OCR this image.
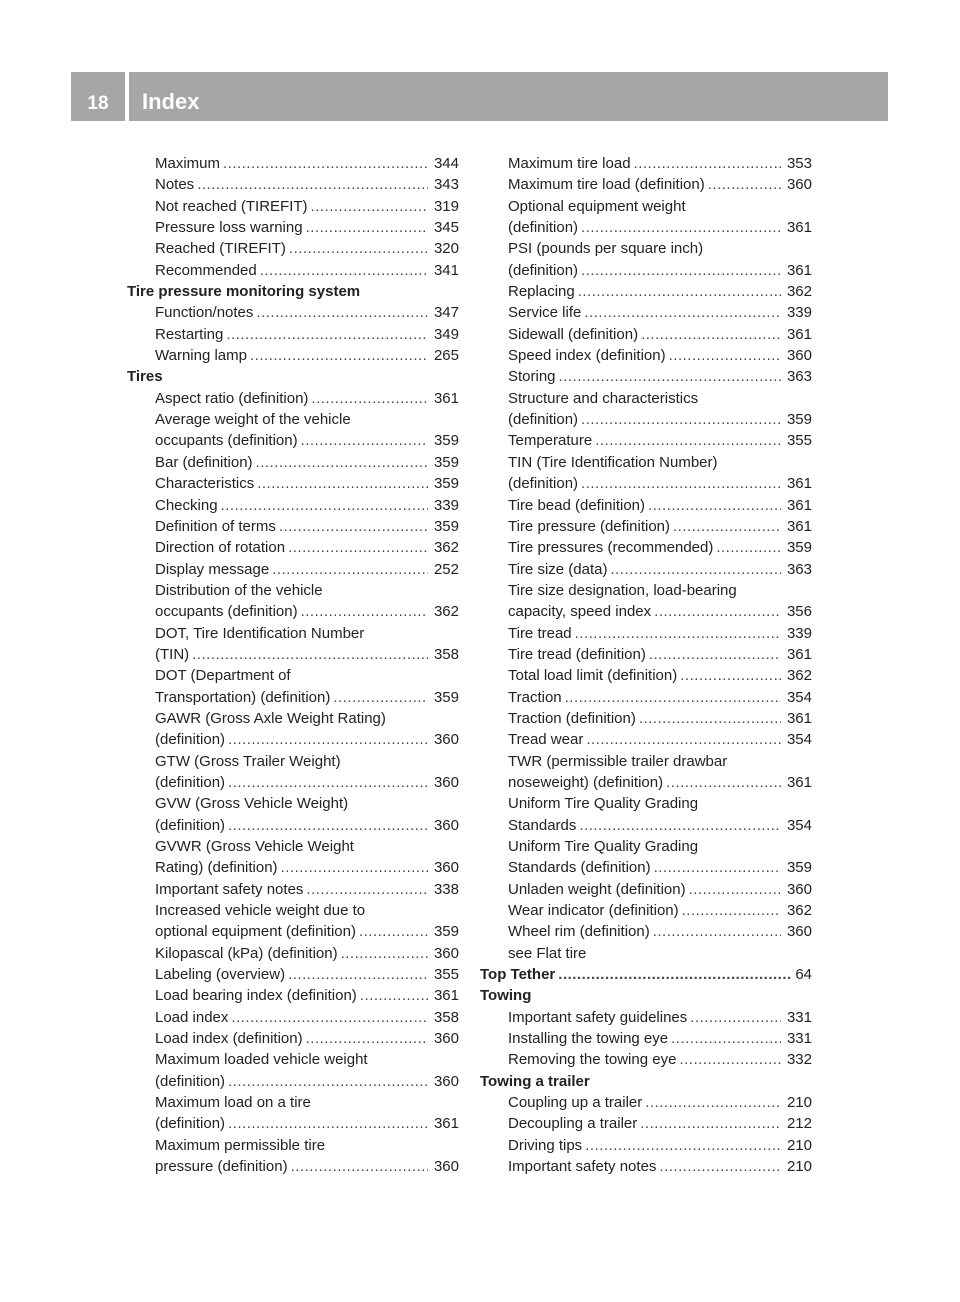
18	Index
Maximum .....	344
Notes .....	343
Not reached (TIREFIT) .....	319
Pressure loss warning .....	345
Reached (TIREFIT) .....	320
Recommended .....	341
Tire pressure monitoring system
Function/notes .....	347
Restarting .....	349
Warning lamp .....	265
Tires
Aspect ratio (definition) .....	361
Average weight of the vehicle
occupants (definition) .....	359
Bar (definition) .....	359
Characteristics .....	359
Checking .....	339
Definition of terms .....	359
Direction of rotation .....	362
Display message .....	252
Distribution of the vehicle
occupants (definition) .....	362
DOT, Tire Identification Number
(TIN) .....	358
DOT (Department of
Transportation) (definition) .....	359
GAWR (Gross Axle Weight Rating)
(definition) .....	360
GTW (Gross Trailer Weight)
(definition) .....	360
GVW (Gross Vehicle Weight)
(definition) .....	360
GVWR (Gross Vehicle Weight
Rating) (definition) .....	360
Important safety notes .....	338
Increased vehicle weight due to
optional equipment (definition) .....	359
Kilopascal (kPa) (definition) .....	360
Labeling (overview) .....	355
Load bearing index (definition) .....	361
Load index .....	358
Load index (definition) .....	360
Maximum loaded vehicle weight
(definition) .....	360
Maximum load on a tire
(definition) .....	361
Maximum permissible tire
pressure (definition) .....	360
Maximum tire load .....	353
Maximum tire load (definition) .....	360
Optional equipment weight
(definition) .....	361
PSI (pounds per square inch)
(definition) .....	361
Replacing .....	362
Service life .....	339
Sidewall (definition) .....	361
Speed index (definition) .....	360
Storing .....	363
Structure and characteristics
(definition) .....	359
Temperature .....	355
TIN (Tire Identification Number)
(definition) .....	361
Tire bead (definition) .....	361
Tire pressure (definition) .....	361
Tire pressures (recommended) .....	359
Tire size (data) .....	363
Tire size designation, load-bearing
capacity, speed index .....	356
Tire tread .....	339
Tire tread (definition) .....	361
Total load limit (definition) .....	362
Traction .....	354
Traction (definition) .....	361
Tread wear .....	354
TWR (permissible trailer drawbar
noseweight) (definition) .....	361
Uniform Tire Quality Grading
Standards .....	354
Uniform Tire Quality Grading
Standards (definition) .....	359
Unladen weight (definition) .....	360
Wear indicator (definition) .....	362
Wheel rim (definition) .....	360
see Flat tire
Top Tether .....	64
Towing
Important safety guidelines .....	331
Installing the towing eye .....	331
Removing the towing eye .....	332
Towing a trailer
Coupling up a trailer .....	210
Decoupling a trailer .....	212
Driving tips .....	210
Important safety notes .....	210
